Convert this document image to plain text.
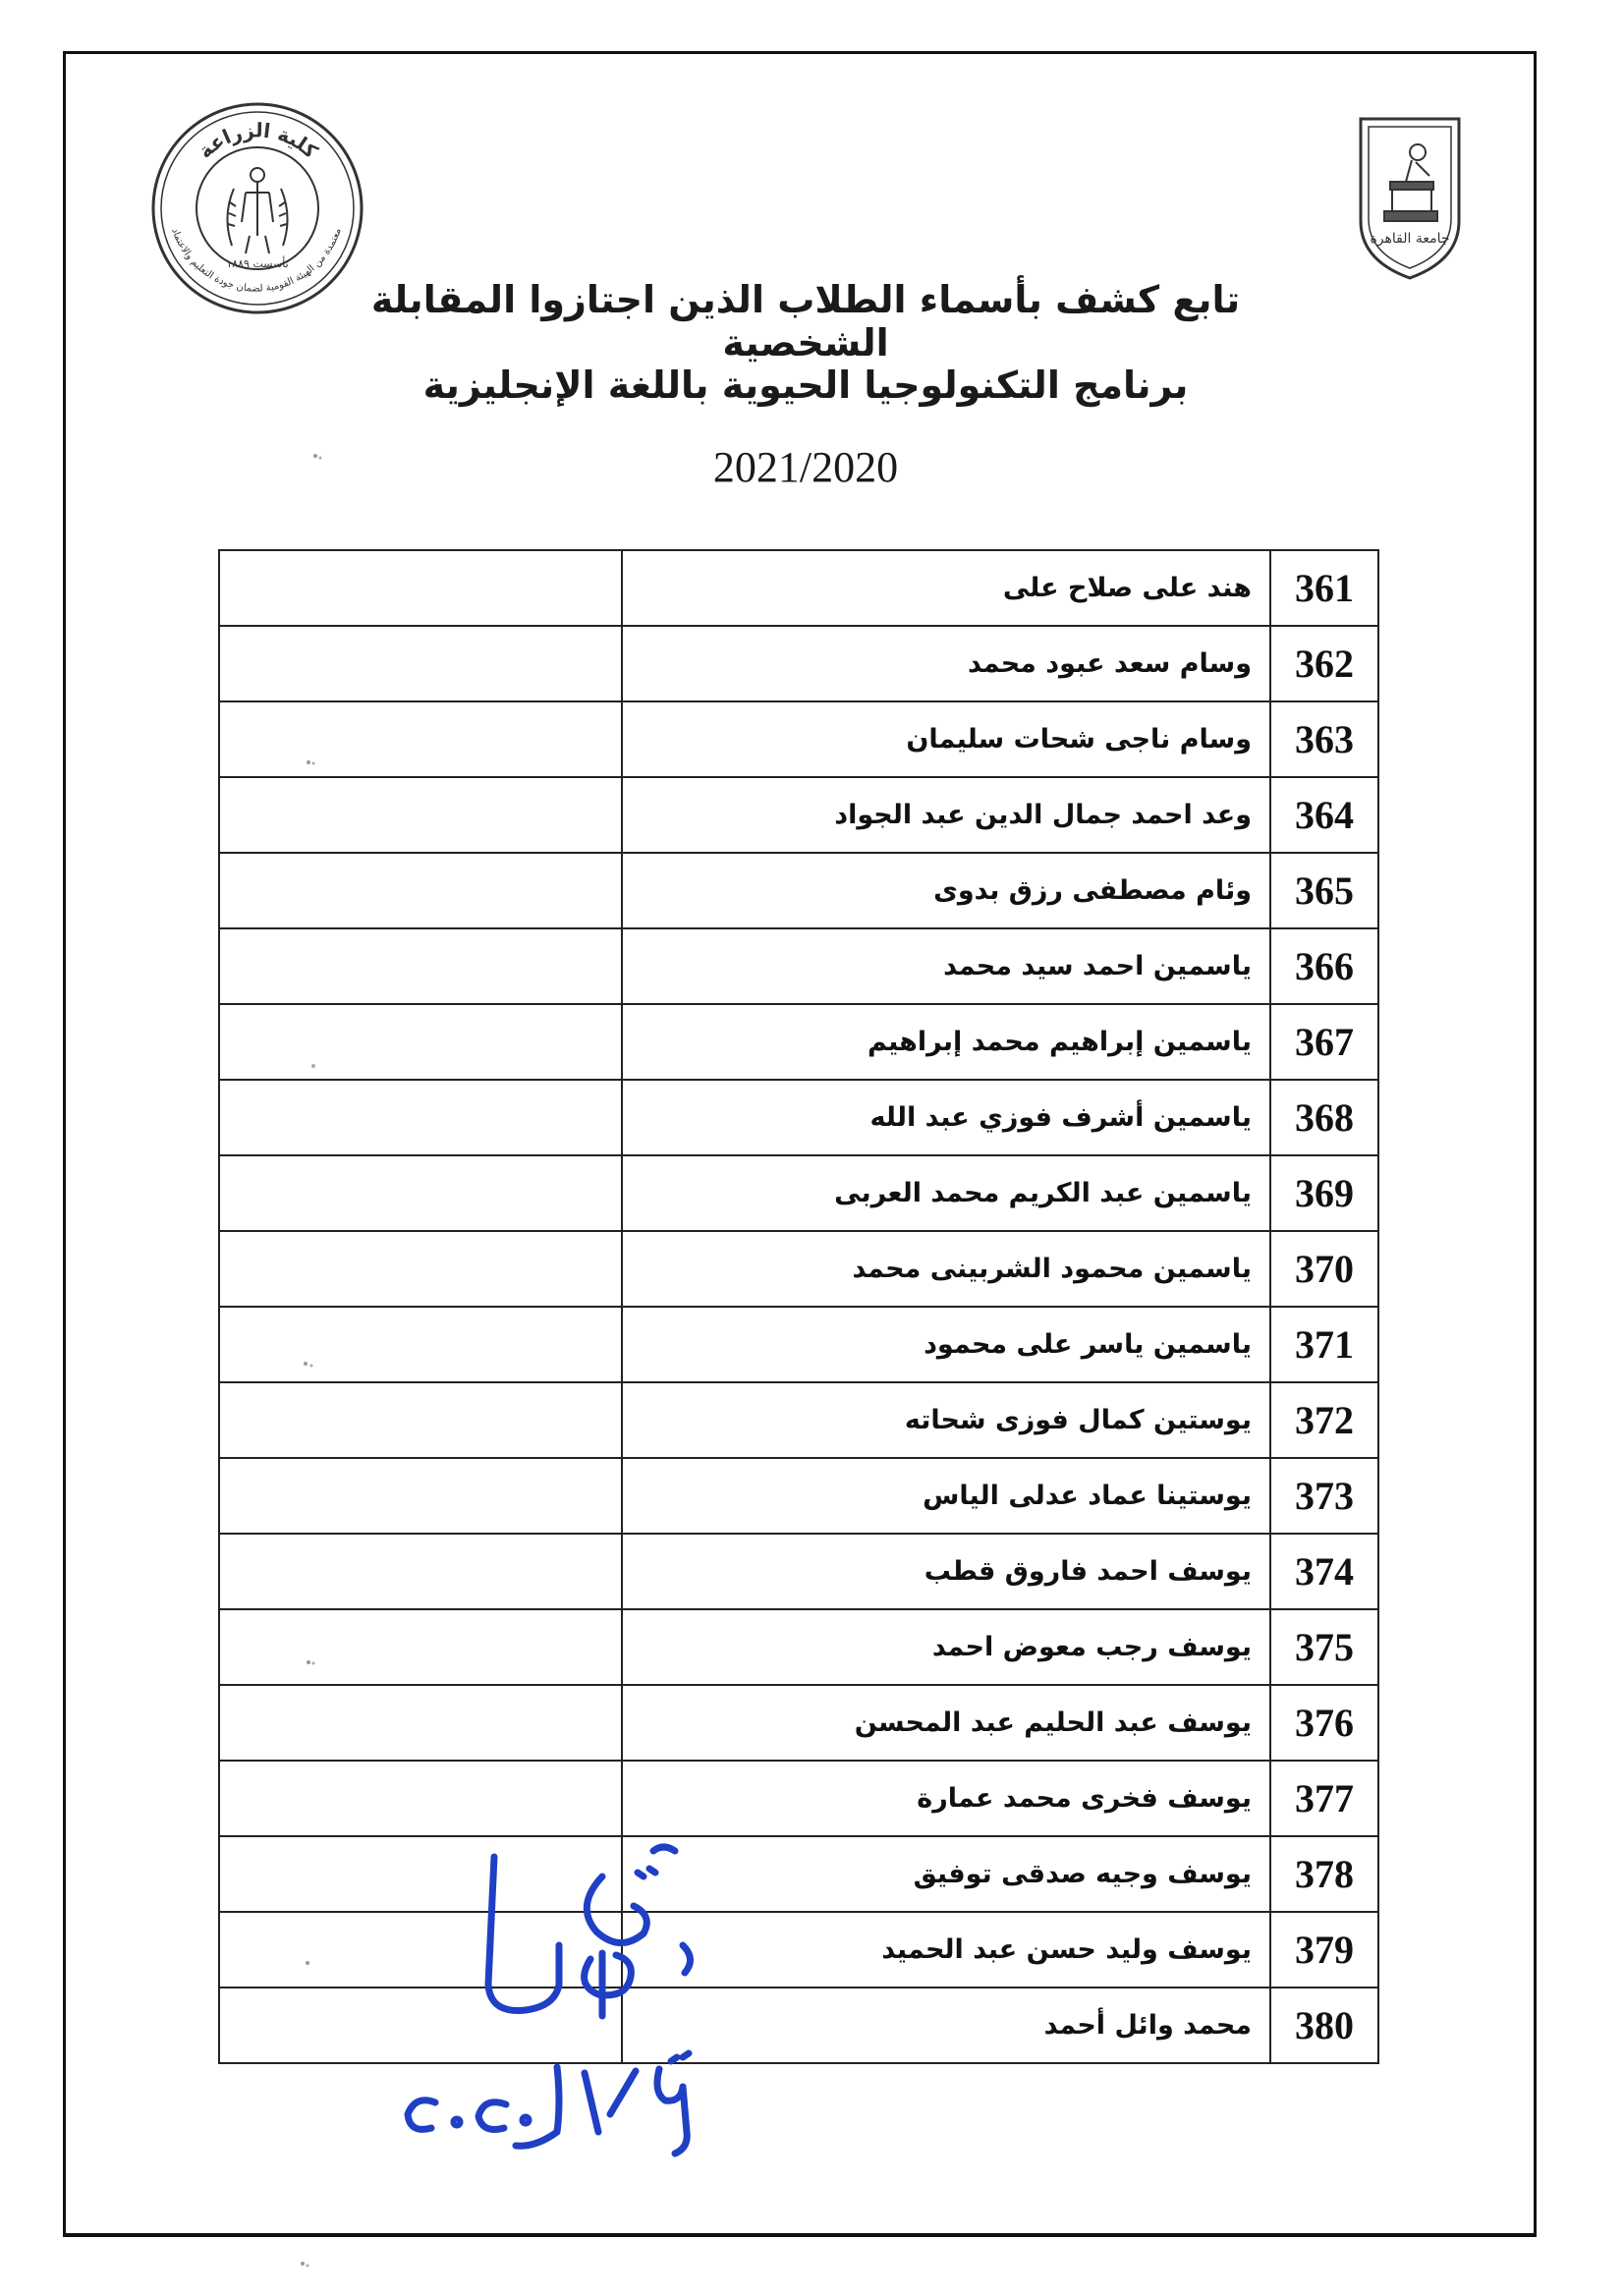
كلية الزراعة
معتمدة من الهيئة القومية لضمان جودة التعليم والاعتماد
تأسست ١٨٨٩
جامعة القاهرة
تابع كشف بأسماء الطلاب الذين اجتازوا المقابلة الشخصية
برنامج التكنولوجيا الحيوية باللغة الإنجليزية
2021/2020
361	هند على صلاح على	
362	وسام سعد عبود محمد	
363	وسام ناجى شحات سليمان	
364	وعد احمد جمال الدين عبد الجواد	
365	وئام مصطفى رزق بدوى	
366	ياسمين احمد سيد محمد	
367	ياسمين إبراهيم محمد إبراهيم	
368	ياسمين أشرف فوزي عبد الله	
369	ياسمين عبد الكريم محمد العربى	
370	ياسمين محمود الشربينى محمد	
371	ياسمين ياسر على محمود	
372	يوستين كمال فوزى شحاته	
373	يوستينا عماد عدلى الياس	
374	يوسف احمد فاروق قطب	
375	يوسف رجب معوض احمد	
376	يوسف عبد الحليم عبد المحسن	
377	يوسف فخرى محمد عمارة	
378	يوسف وجيه صدقى توفيق	
379	يوسف وليد حسن عبد الحميد	
380	محمد وائل أحمد	
